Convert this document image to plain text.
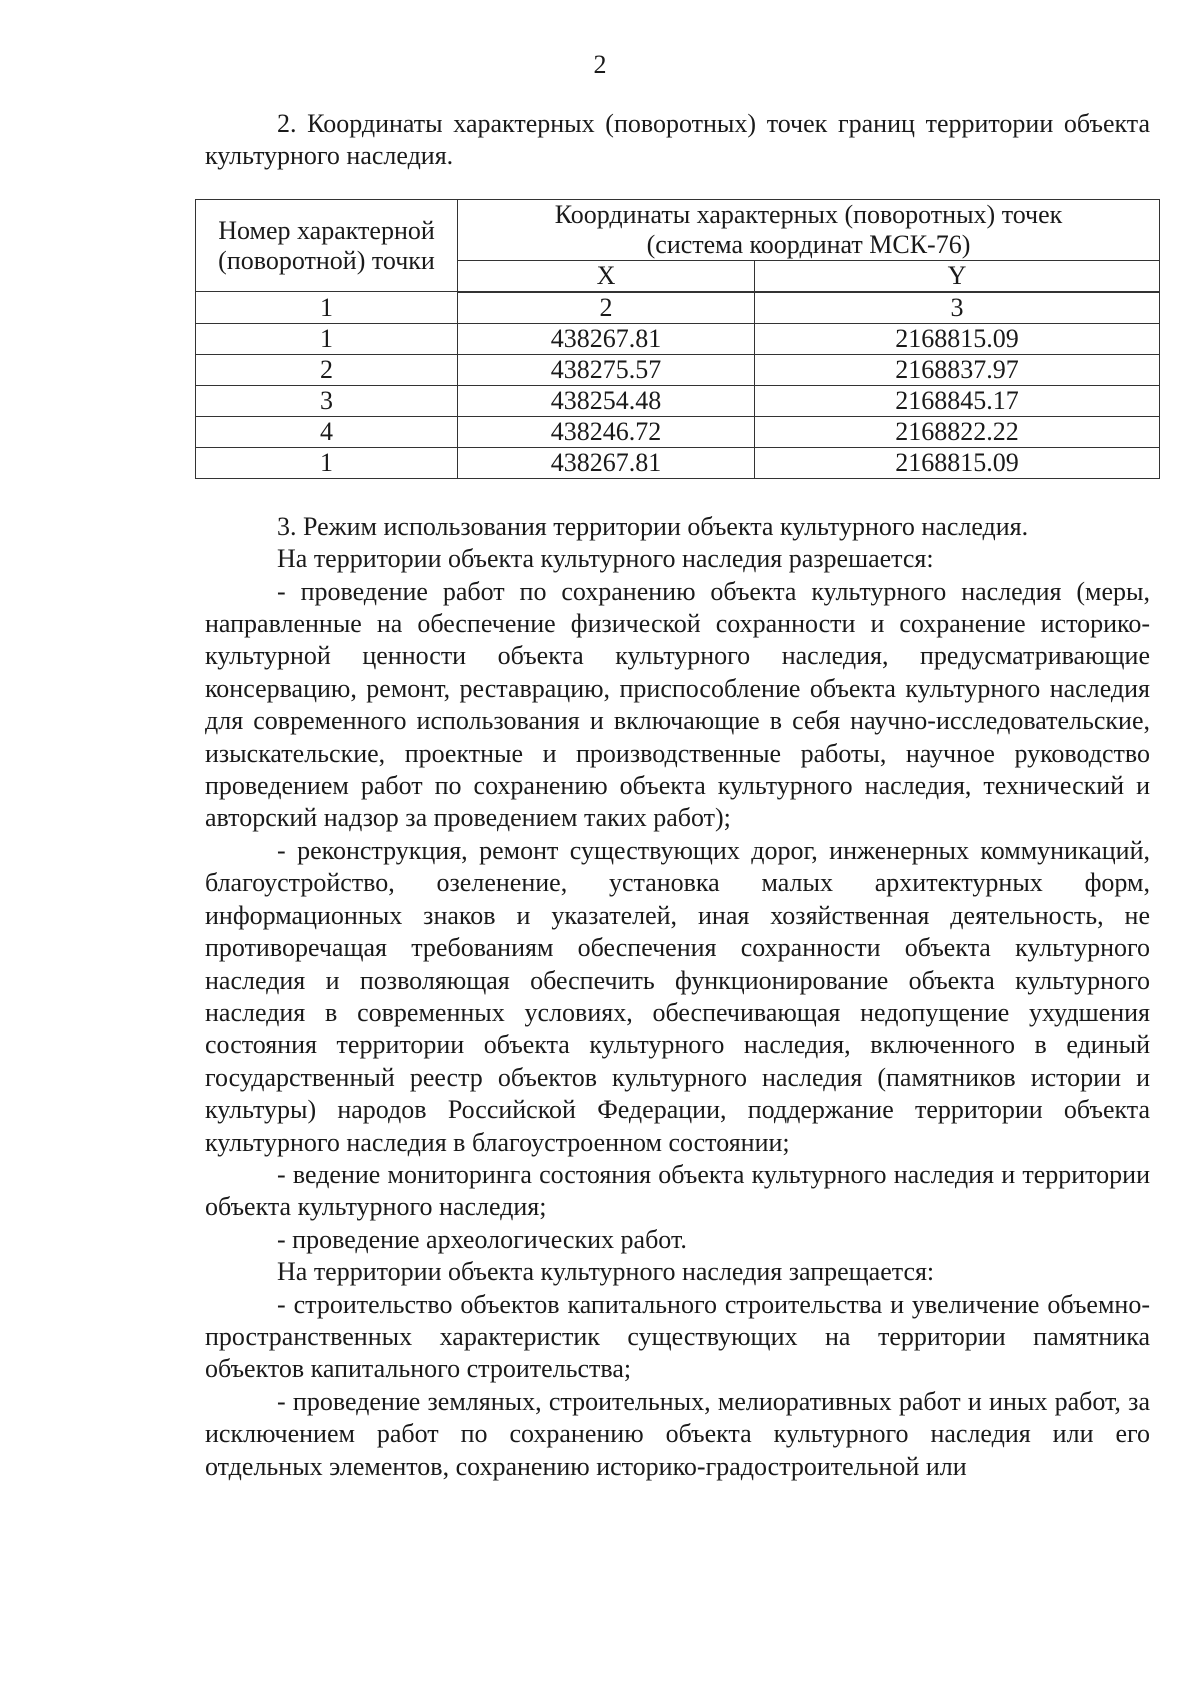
2

2. Координаты характерных (поворотных) точек границ территории объекта культурного наследия.

Номер характерной (поворотной) точки	Координаты характерных (поворотных) точек	
	(система координат МСК-76)	
	X	Y
1	2	3
1	438267.81	2168815.09
2	438275.57	2168837.97
3	438254.48	2168845.17
4	438246.72	2168822.22
1	438267.81	2168815.09

3. Режим использования территории объекта культурного наследия.

На территории объекта культурного наследия разрешается:

- проведение работ по сохранению объекта культурного наследия (меры, направленные на обеспечение физической сохранности и сохранение историко-культурной ценности объекта культурного наследия, предусматривающие консервацию, ремонт, реставрацию, приспособление объекта культурного наследия для современного использования и включающие в себя научно-исследовательские, изыскательские, проектные и производственные работы, научное руководство проведением работ по сохранению объекта культурного наследия, технический и авторский надзор за проведением таких работ);

- реконструкция, ремонт существующих дорог, инженерных коммуникаций, благоустройство, озеленение, установка малых архитектурных форм, информационных знаков и указателей, иная хозяйственная деятельность, не противоречащая требованиям обеспечения сохранности объекта культурного наследия и позволяющая обеспечить функционирование объекта культурного наследия в современных условиях, обеспечивающая недопущение ухудшения состояния территории объекта культурного наследия, включенного в единый государственный реестр объектов культурного наследия (памятников истории и культуры) народов Российской Федерации, поддержание территории объекта культурного наследия в благоустроенном состоянии;

- ведение мониторинга состояния объекта культурного наследия и территории объекта культурного наследия;

- проведение археологических работ.

На территории объекта культурного наследия запрещается:

- строительство объектов капитального строительства и увеличение объемно-пространственных характеристик существующих на территории памятника объектов капитального строительства;

- проведение земляных, строительных, мелиоративных работ и иных работ, за исключением работ по сохранению объекта культурного наследия или его отдельных элементов, сохранению историко-градостроительной или
